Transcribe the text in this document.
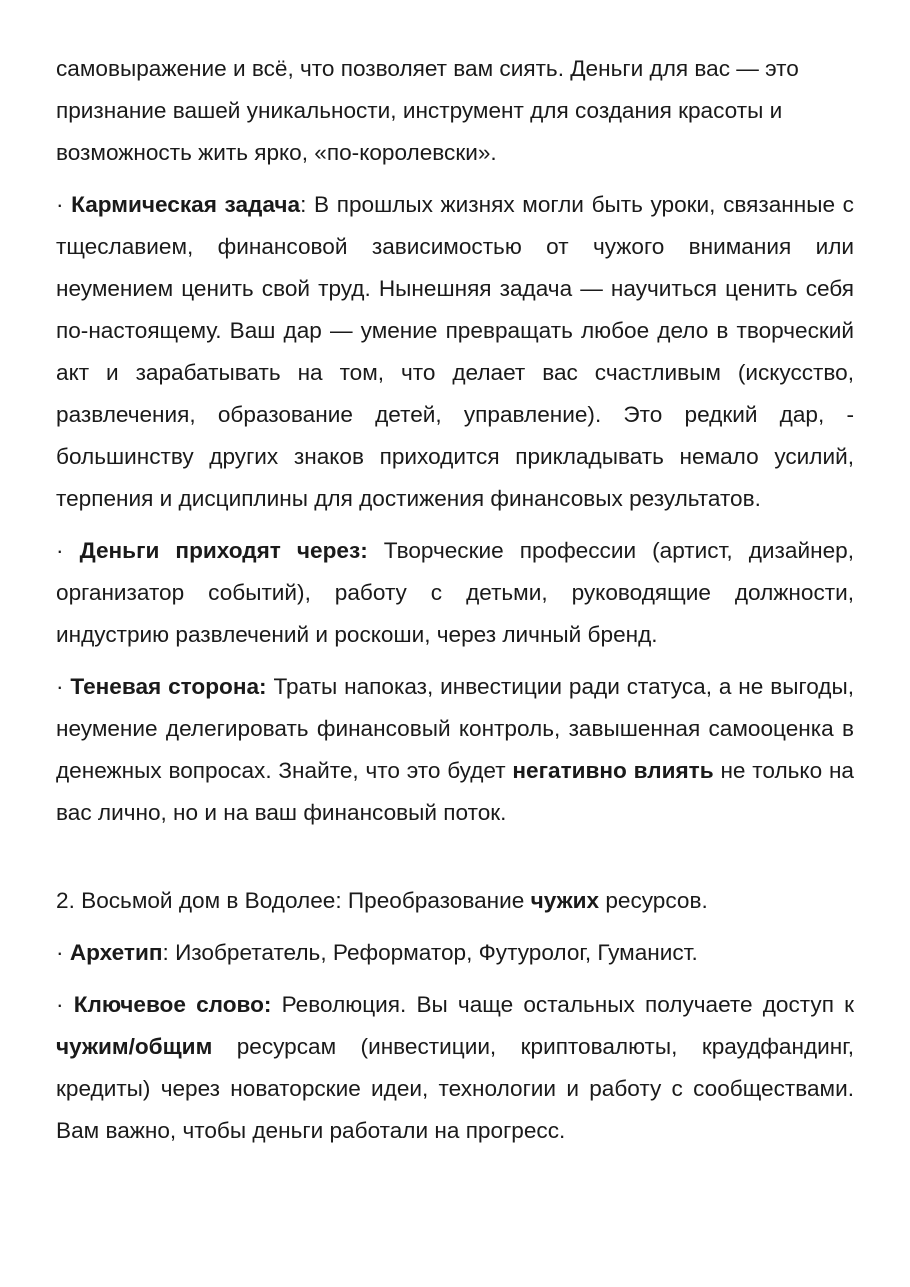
самовыражение и всё, что позволяет вам сиять. Деньги для вас — это признание вашей уникальности, инструмент для создания красоты и возможность жить ярко, «по-королевски».

· Кармическая задача: В прошлых жизнях могли быть уроки, связанные с тщеславием, финансовой зависимостью от чужого внимания или неумением ценить свой труд. Нынешняя задача — научиться ценить себя по-настоящему. Ваш дар — умение превращать любое дело в творческий акт и зарабатывать на том, что делает вас счастливым (искусство, развлечения, образование детей, управление). Это редкий дар, - большинству других знаков приходится прикладывать немало усилий, терпения и дисциплины для достижения финансовых результатов.

· Деньги приходят через: Творческие профессии (артист, дизайнер, организатор событий), работу с детьми, руководящие должности, индустрию развлечений и роскоши, через личный бренд.

· Теневая сторона: Траты напоказ, инвестиции ради статуса, а не выгоды, неумение делегировать финансовый контроль, завышенная самооценка в денежных вопросах. Знайте, что это будет негативно влиять не только на вас лично, но и на ваш финансовый поток.

2. Восьмой дом в Водолее: Преобразование чужих ресурсов.

· Архетип: Изобретатель, Реформатор, Футуролог, Гуманист.

· Ключевое слово: Революция. Вы чаще остальных получаете доступ к чужим/общим ресурсам (инвестиции, криптовалюты, краудфандинг, кредиты) через новаторские идеи, технологии и работу с сообществами. Вам важно, чтобы деньги работали на прогресс.
